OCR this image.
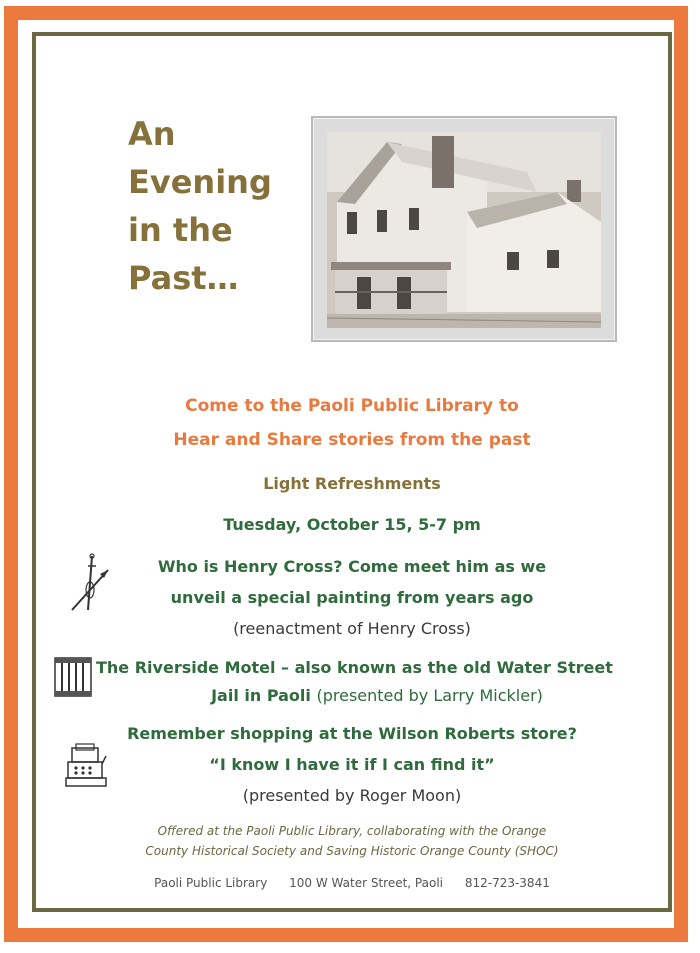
An
Evening
in the
Past…
Come to the Paoli Public Library to
Hear and Share stories from the past
Light Refreshments
Tuesday, October 15, 5-7 pm
Who is Henry Cross? Come meet him as we
unveil a special painting from years ago
(reenactment of Henry Cross)
The Riverside Motel – also known as the old Water Street
Jail in Paoli (presented by Larry Mickler)
Remember shopping at the Wilson Roberts store?
“I know I have it if I can find it”
(presented by Roger Moon)
Offered at the Paoli Public Library, collaborating with the Orange
County Historical Society and Saving Historic Orange County (SHOC)
Paoli Public Library 100 W Water Street, Paoli 812-723-3841
